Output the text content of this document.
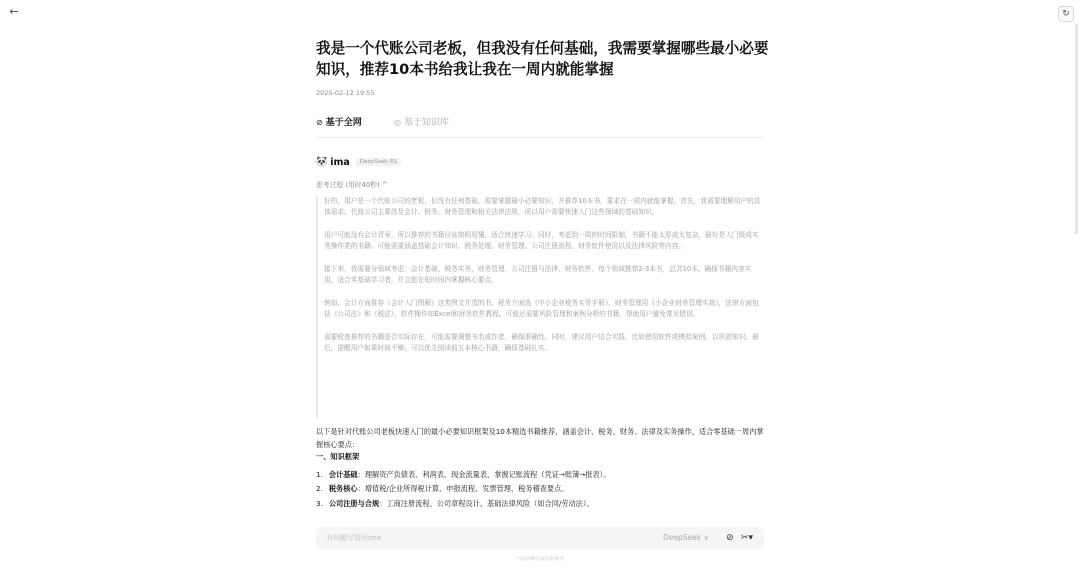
←	↻
我是一个代账公司老板，但我没有任何基础，我需要掌握哪些最小必要知识，推荐10本书给我让我在一周内就能掌握
2025-02-12 19:55
⊘ 基于全网	◎ 基于知识库
🐼 ima	DeepSeek R1
思考过程 (用时40秒) ^

好的，用户是一个代账公司的老板，但没有任何基础，需要掌握最小必要知识，并推荐10本书，要求在一周内就能掌握。首先，我需要理解用户的具体需求。代账公司主要涉及会计、税务、财务管理和相关法律法规，所以用户需要快速入门这些领域的基础知识。

用户可能没有会计背景，所以推荐的书籍应该简明易懂，适合快速学习。同时，考虑到一周的时间限制，书籍不能太厚或太复杂，最好是入门级或实务操作类的书籍。可能需要涵盖基础会计知识、税务处理、财务管理、公司注册流程、财务软件使用以及法律风险等内容。

接下来，我需要分领域考虑：会计基础、税务实务、财务管理、公司注册与法律、财务软件。每个领域推荐2-3本书，总共10本。确保书籍内容实用，适合零基础学习者，并且能在短时间内掌握核心要点。

例如，会计方面推荐《会计入门图解》这类图文并茂的书，税务方面选《中小企业税务实务手册》，财务管理用《小企业财务管理实战》，法律方面包括《公司法》和《税法》，软件操作如Excel和财务软件教程。可能还需要风险管理和案例分析的书籍，帮助用户避免常见错误。

需要检查推荐的书籍是否实际存在，可能需要调整书名或作者，确保准确性。同时，建议用户结合实践，比如使用软件或模拟案例，以巩固知识。最后，提醒用户如果时间不够，可以优先阅读前五本核心书籍，确保基础扎实。

以下是针对代账公司老板快速入门的最小必要知识框架及10本精选书籍推荐，涵盖会计、税务、财务、法律及实务操作，适合零基础一周内掌握核心要点：

一、知识框架

1. 会计基础：理解资产负债表、利润表、现金流量表，掌握记账流程（凭证→账簿→报表）。
2. 税务核心：增值税/企业所得税计算、申报流程、发票管理、税务稽查要点。
3. 公司注册与合规：工商注册流程、公司章程设计、基础法律风险（如合同/劳动法）。
有问题尽管问ima
DeepSeek ∨ ⊘ ✂▾
内容由AI生成仅供参考
